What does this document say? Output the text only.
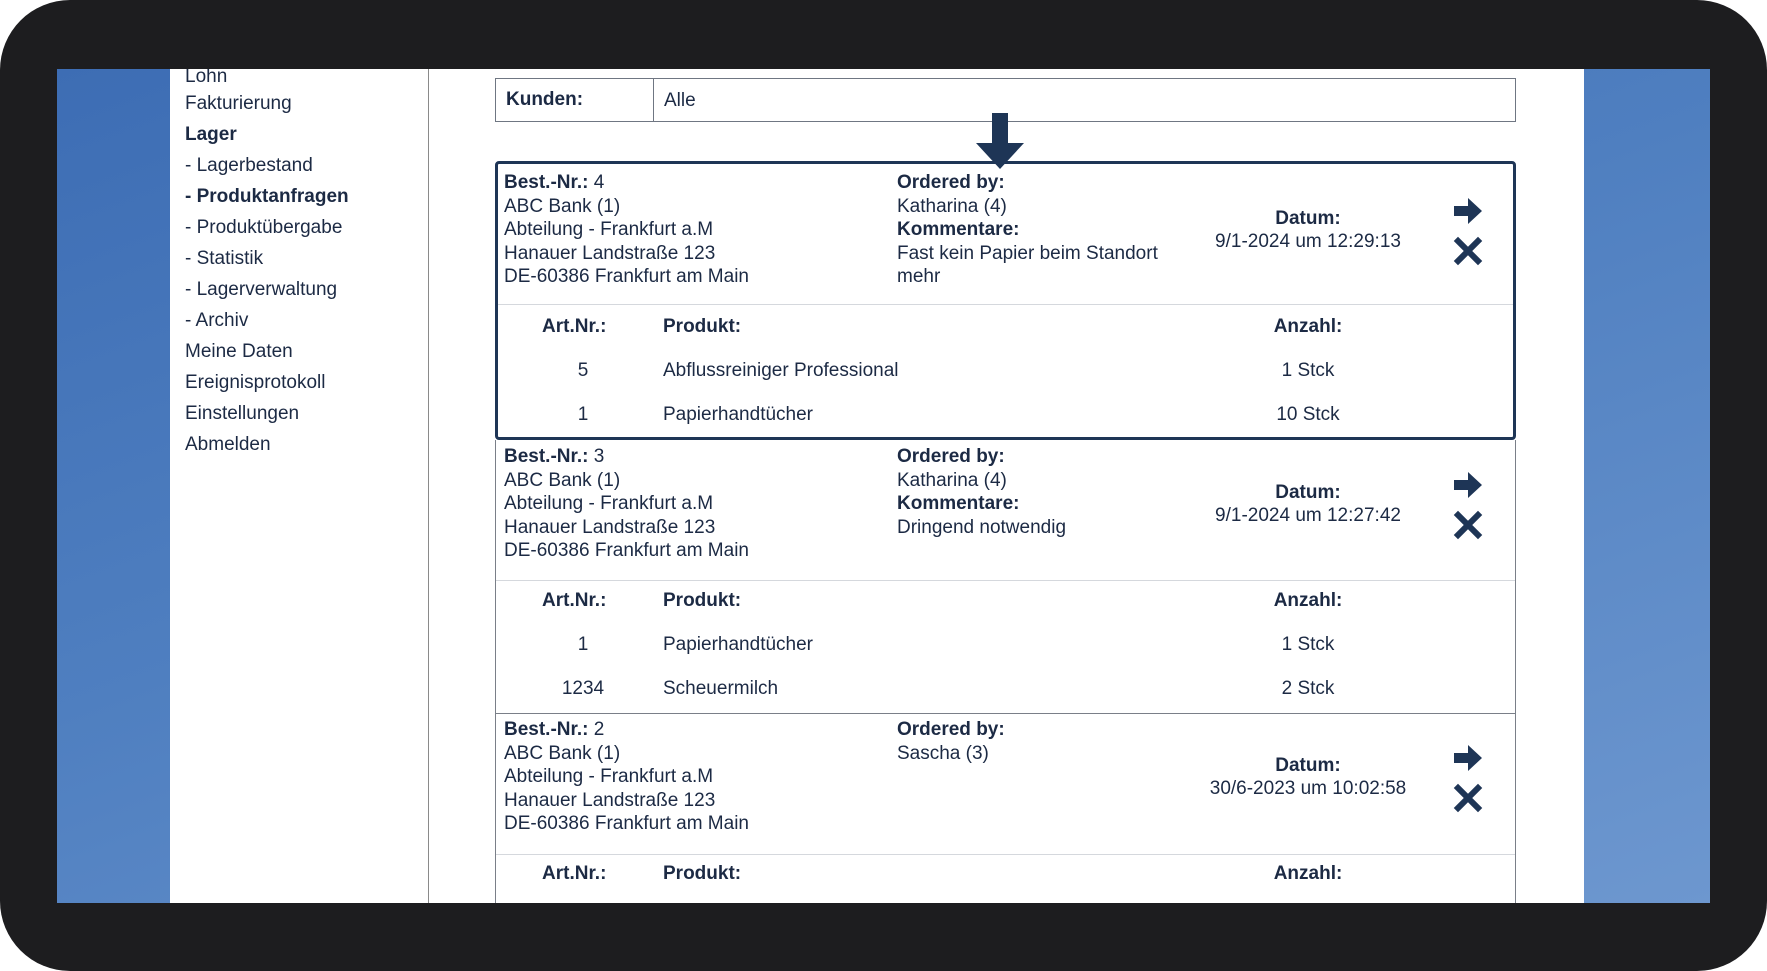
Lohn
Fakturierung
Lager
- Lagerbestand
- Produktanfragen
- Produktübergabe
- Statistik
- Lagerverwaltung
- Archiv
Meine Daten
Ereignisprotokoll
Einstellungen
Abmelden
Kunden:	Alle
Best.-Nr.: 4
ABC Bank (1)
Abteilung - Frankfurt a.M
Hanauer Landstraße 123
DE-60386 Frankfurt am Main
Ordered by:
Katharina (4)
Kommentare:
Fast kein Papier beim Standort
mehr
Datum:
9/1-2024 um 12:29:13
Art.Nr.:	Produkt:	Anzahl:
5	Abflussreiniger Professional	1 Stck
1	Papierhandtücher	10 Stck
Best.-Nr.: 3
ABC Bank (1)
Abteilung - Frankfurt a.M
Hanauer Landstraße 123
DE-60386 Frankfurt am Main
Ordered by:
Katharina (4)
Kommentare:
Dringend notwendig
Datum:
9/1-2024 um 12:27:42
Art.Nr.:	Produkt:	Anzahl:
1	Papierhandtücher	1 Stck
1234	Scheuermilch	2 Stck
Best.-Nr.: 2
ABC Bank (1)
Abteilung - Frankfurt a.M
Hanauer Landstraße 123
DE-60386 Frankfurt am Main
Ordered by:
Sascha (3)
Datum:
30/6-2023 um 10:02:58
Art.Nr.:	Produkt:	Anzahl:
